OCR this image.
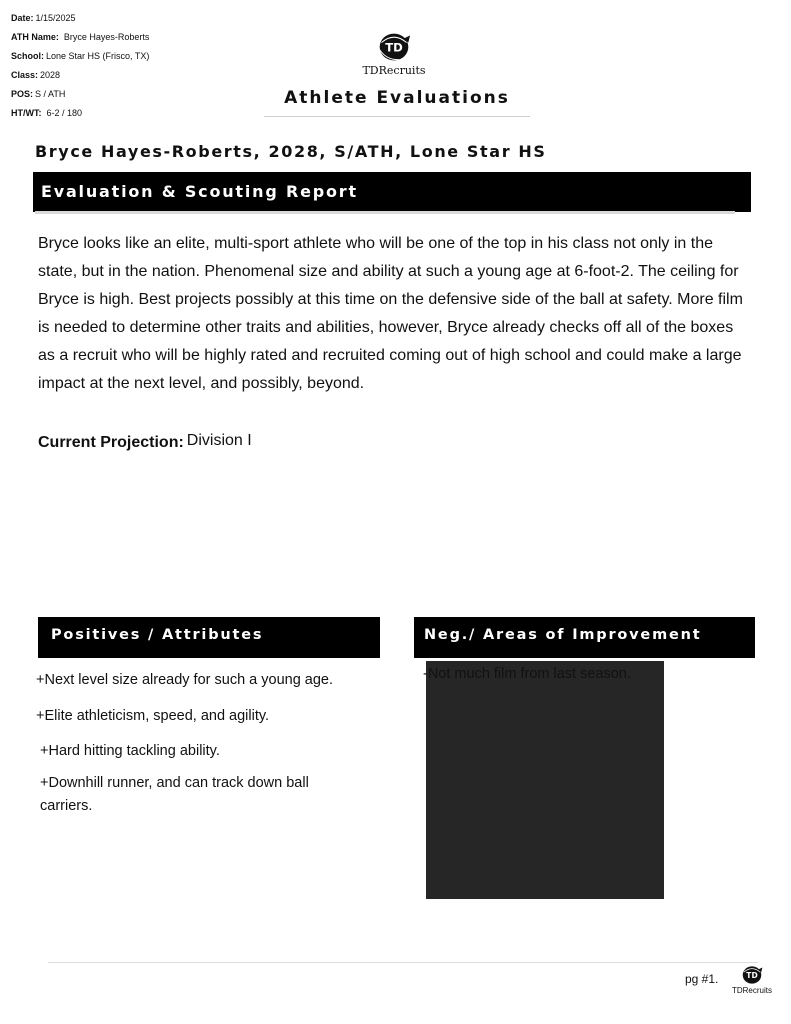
Date: 1/15/2025
ATH Name: Bryce Hayes-Roberts
School: Lone Star HS (Frisco, TX)
Class: 2028
POS: S / ATH
HT/WT: 6-2 / 180
TD
TDRecruits
Athlete Evaluations
Bryce Hayes-Roberts, 2028, S/ATH, Lone Star HS
Evaluation & Scouting Report
Bryce looks like an elite, multi-sport athlete who will be one of the top in his class not only in the state, but in the nation. Phenomenal size and ability at such a young age at 6-foot-2. The ceiling for Bryce is high. Best projects possibly at this time on the defensive side of the ball at safety. More film is needed to determine other traits and abilities, however, Bryce already checks off all of the boxes as a recruit who will be highly rated and recruited coming out of high school and could make a large impact at the next level, and possibly, beyond.
Current Projection: Division I
Positives / Attributes	Neg./ Areas of Improvement
+Next level size already for such a young age.
+Elite athleticism, speed, and agility.
+Hard hitting tackling ability.
+Downhill runner, and can track down ball carriers.
-Not much film from last season.
pg #1. TD
TDRecruits
